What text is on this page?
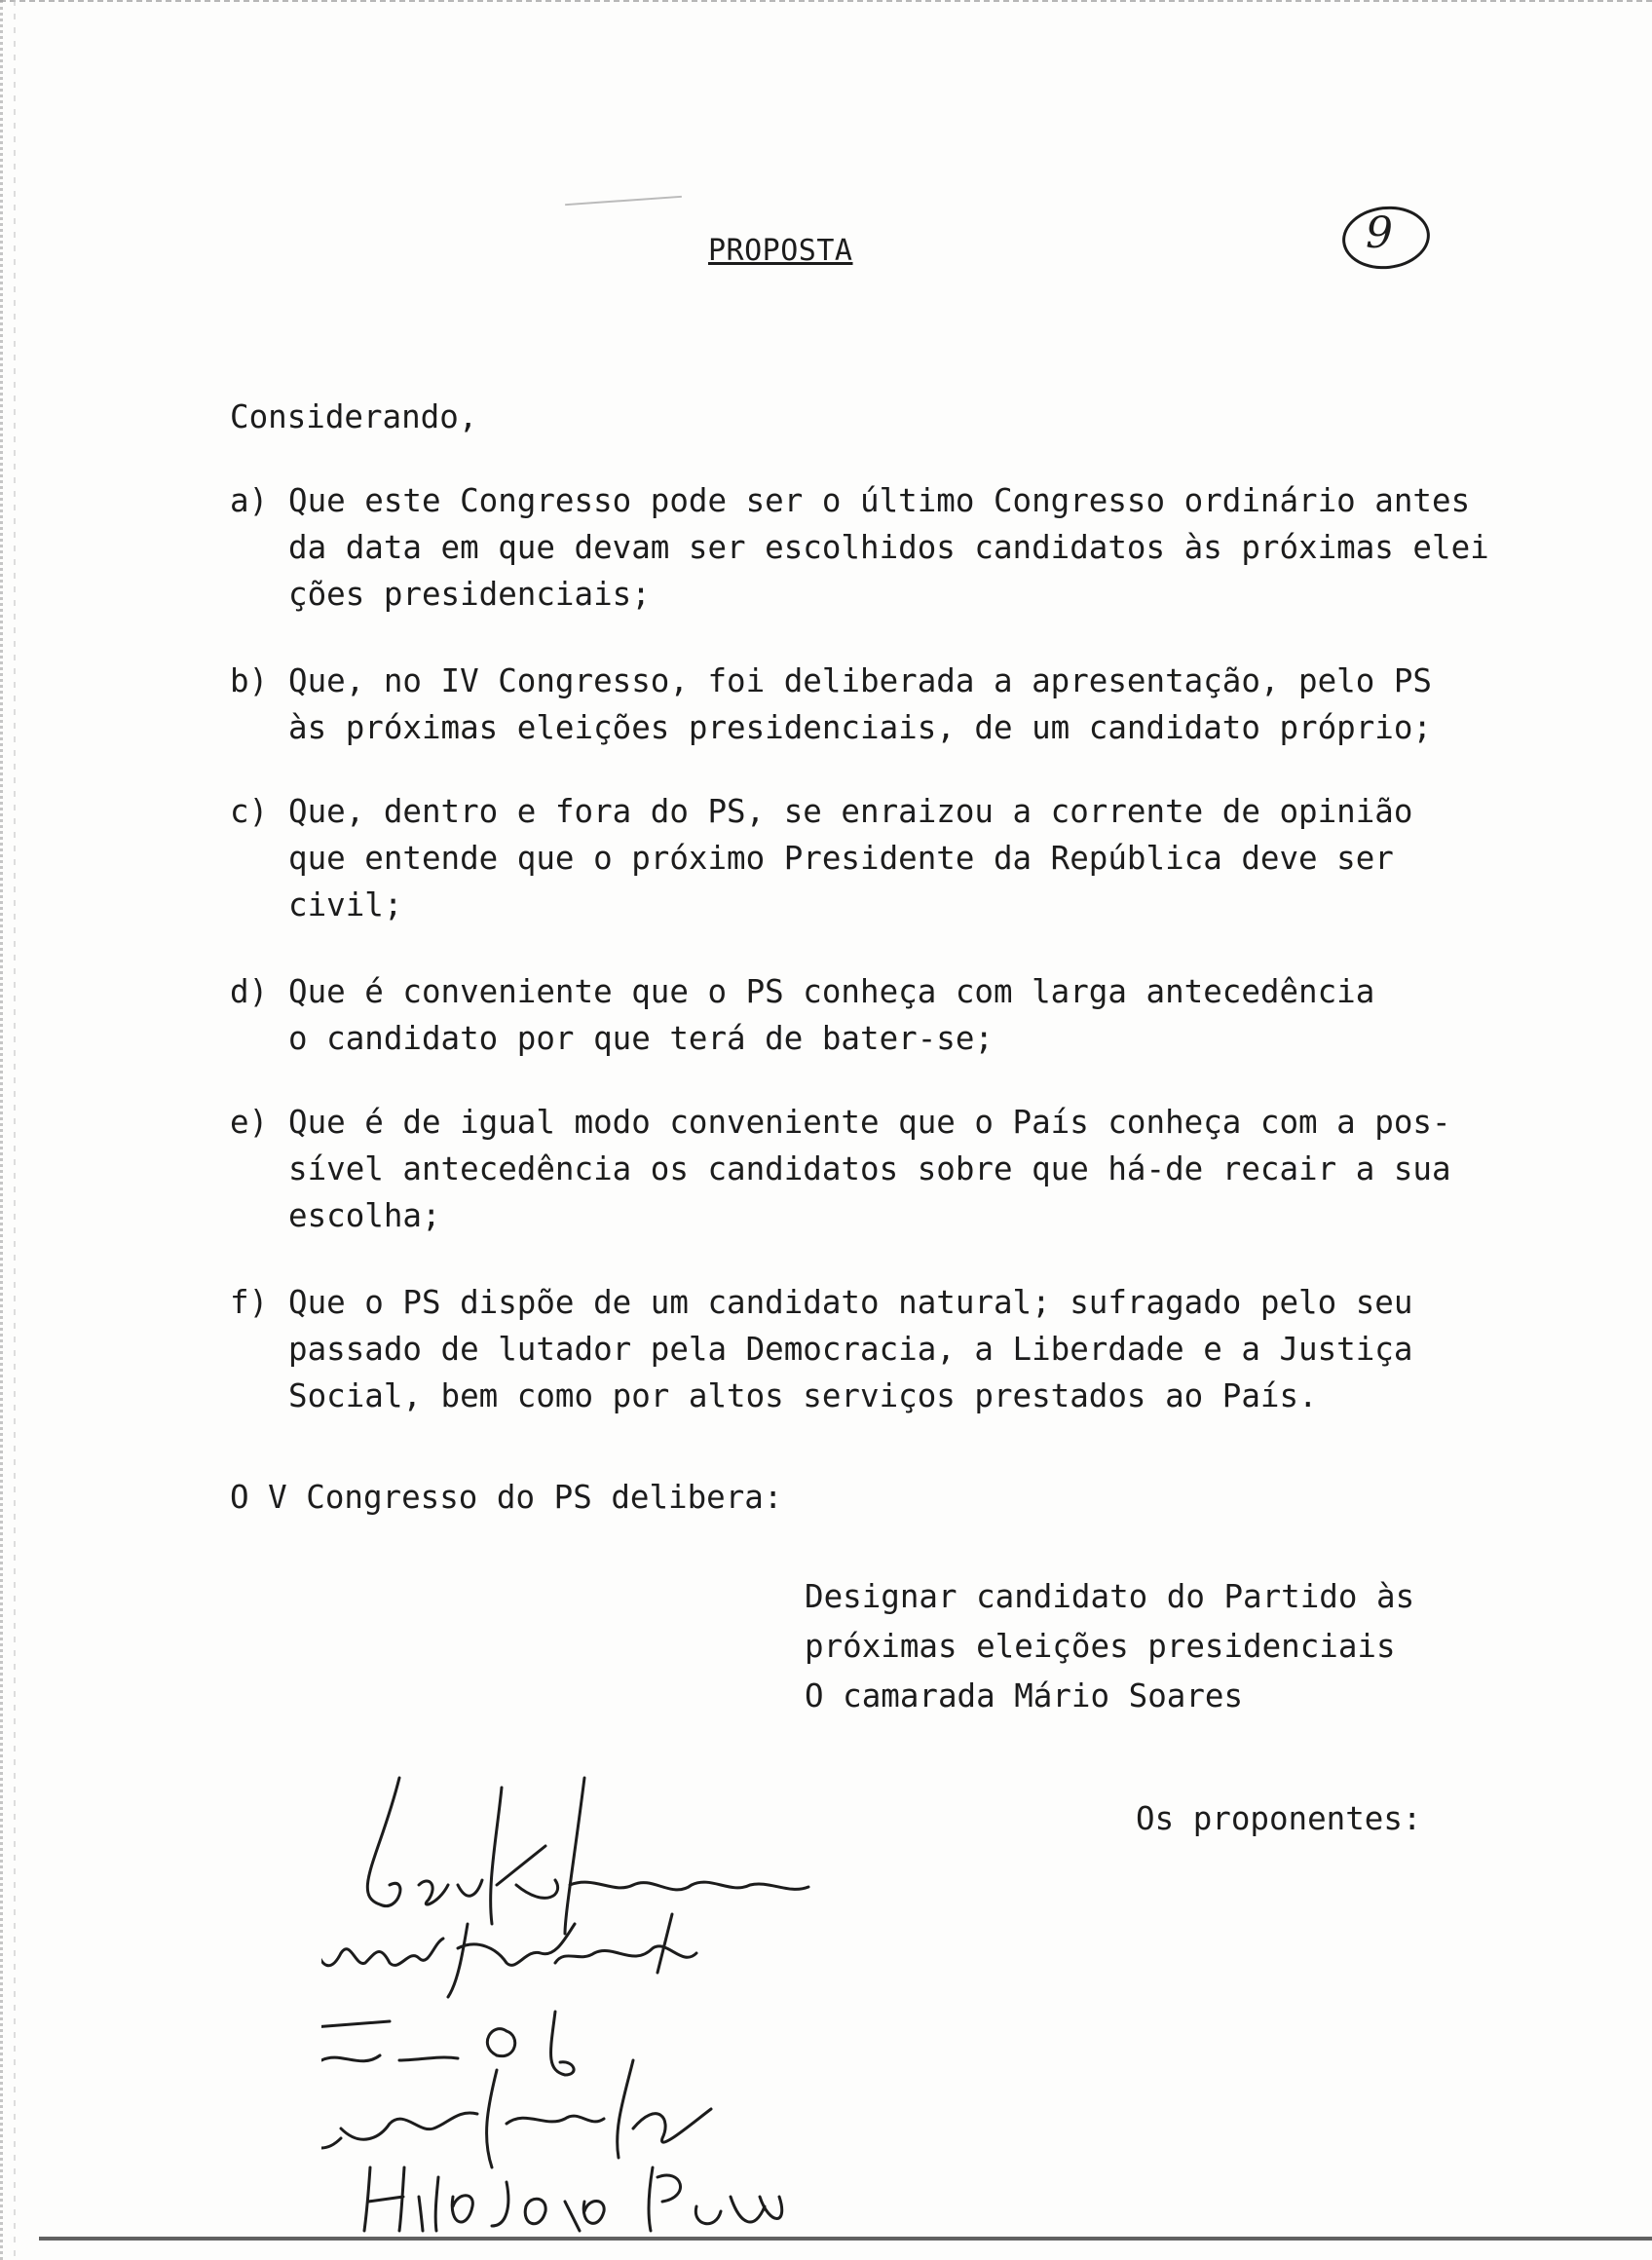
PROPOSTA	9
Considerando,
a) Que este Congresso pode ser o último Congresso ordinário antes
da data em que devam ser escolhidos candidatos às próximas elei
ções presidenciais;
b) Que, no IV Congresso, foi deliberada a apresentação, pelo PS
às próximas eleições presidenciais, de um candidato próprio;
c) Que, dentro e fora do PS, se enraizou a corrente de opinião
que entende que o próximo Presidente da República deve ser
civil;
d) Que é conveniente que o PS conheça com larga antecedência
o candidato por que terá de bater-se;
e) Que é de igual modo conveniente que o País conheça com a pos-
sível antecedência os candidatos sobre que há-de recair a sua
escolha;
f) Que o PS dispõe de um candidato natural; sufragado pelo seu
passado de lutador pela Democracia, a Liberdade e a Justiça
Social, bem como por altos serviços prestados ao País.
O V Congresso do PS delibera:
Designar candidato do Partido às
próximas eleições presidenciais
O camarada Mário Soares
Os proponentes:
